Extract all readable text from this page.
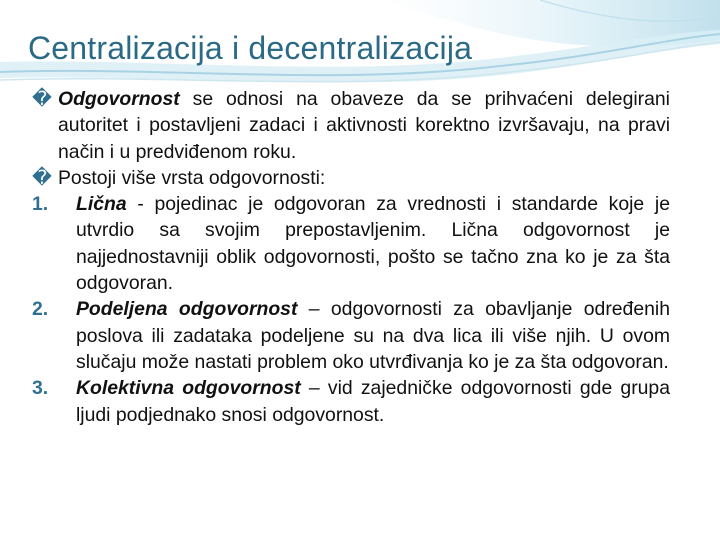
Centralizacija i decentralizacija
� Odgovornost se odnosi na obaveze da se prihvaćeni delegirani autoritet i postavljeni zadaci i aktivnosti korektno izvršavaju, na pravi način i u predviđenom roku.
� Postoji više vrsta odgovornosti:
1. Lična - pojedinac je odgovoran za vrednosti i standarde koje je utvrdio sa svojim prepostavljenim. Lična odgovornost je najjednostavniji oblik odgovornosti, pošto se tačno zna ko je za šta odgovoran.
2. Podeljena odgovornost – odgovornosti za obavljanje određenih poslova ili zadataka podeljene su na dva lica ili više njih. U ovom slučaju može nastati problem oko utvrđivanja ko je za šta odgovoran.
3. Kolektivna odgovornost – vid zajedničke odgovornosti gde grupa ljudi podjednako snosi odgovornost.
